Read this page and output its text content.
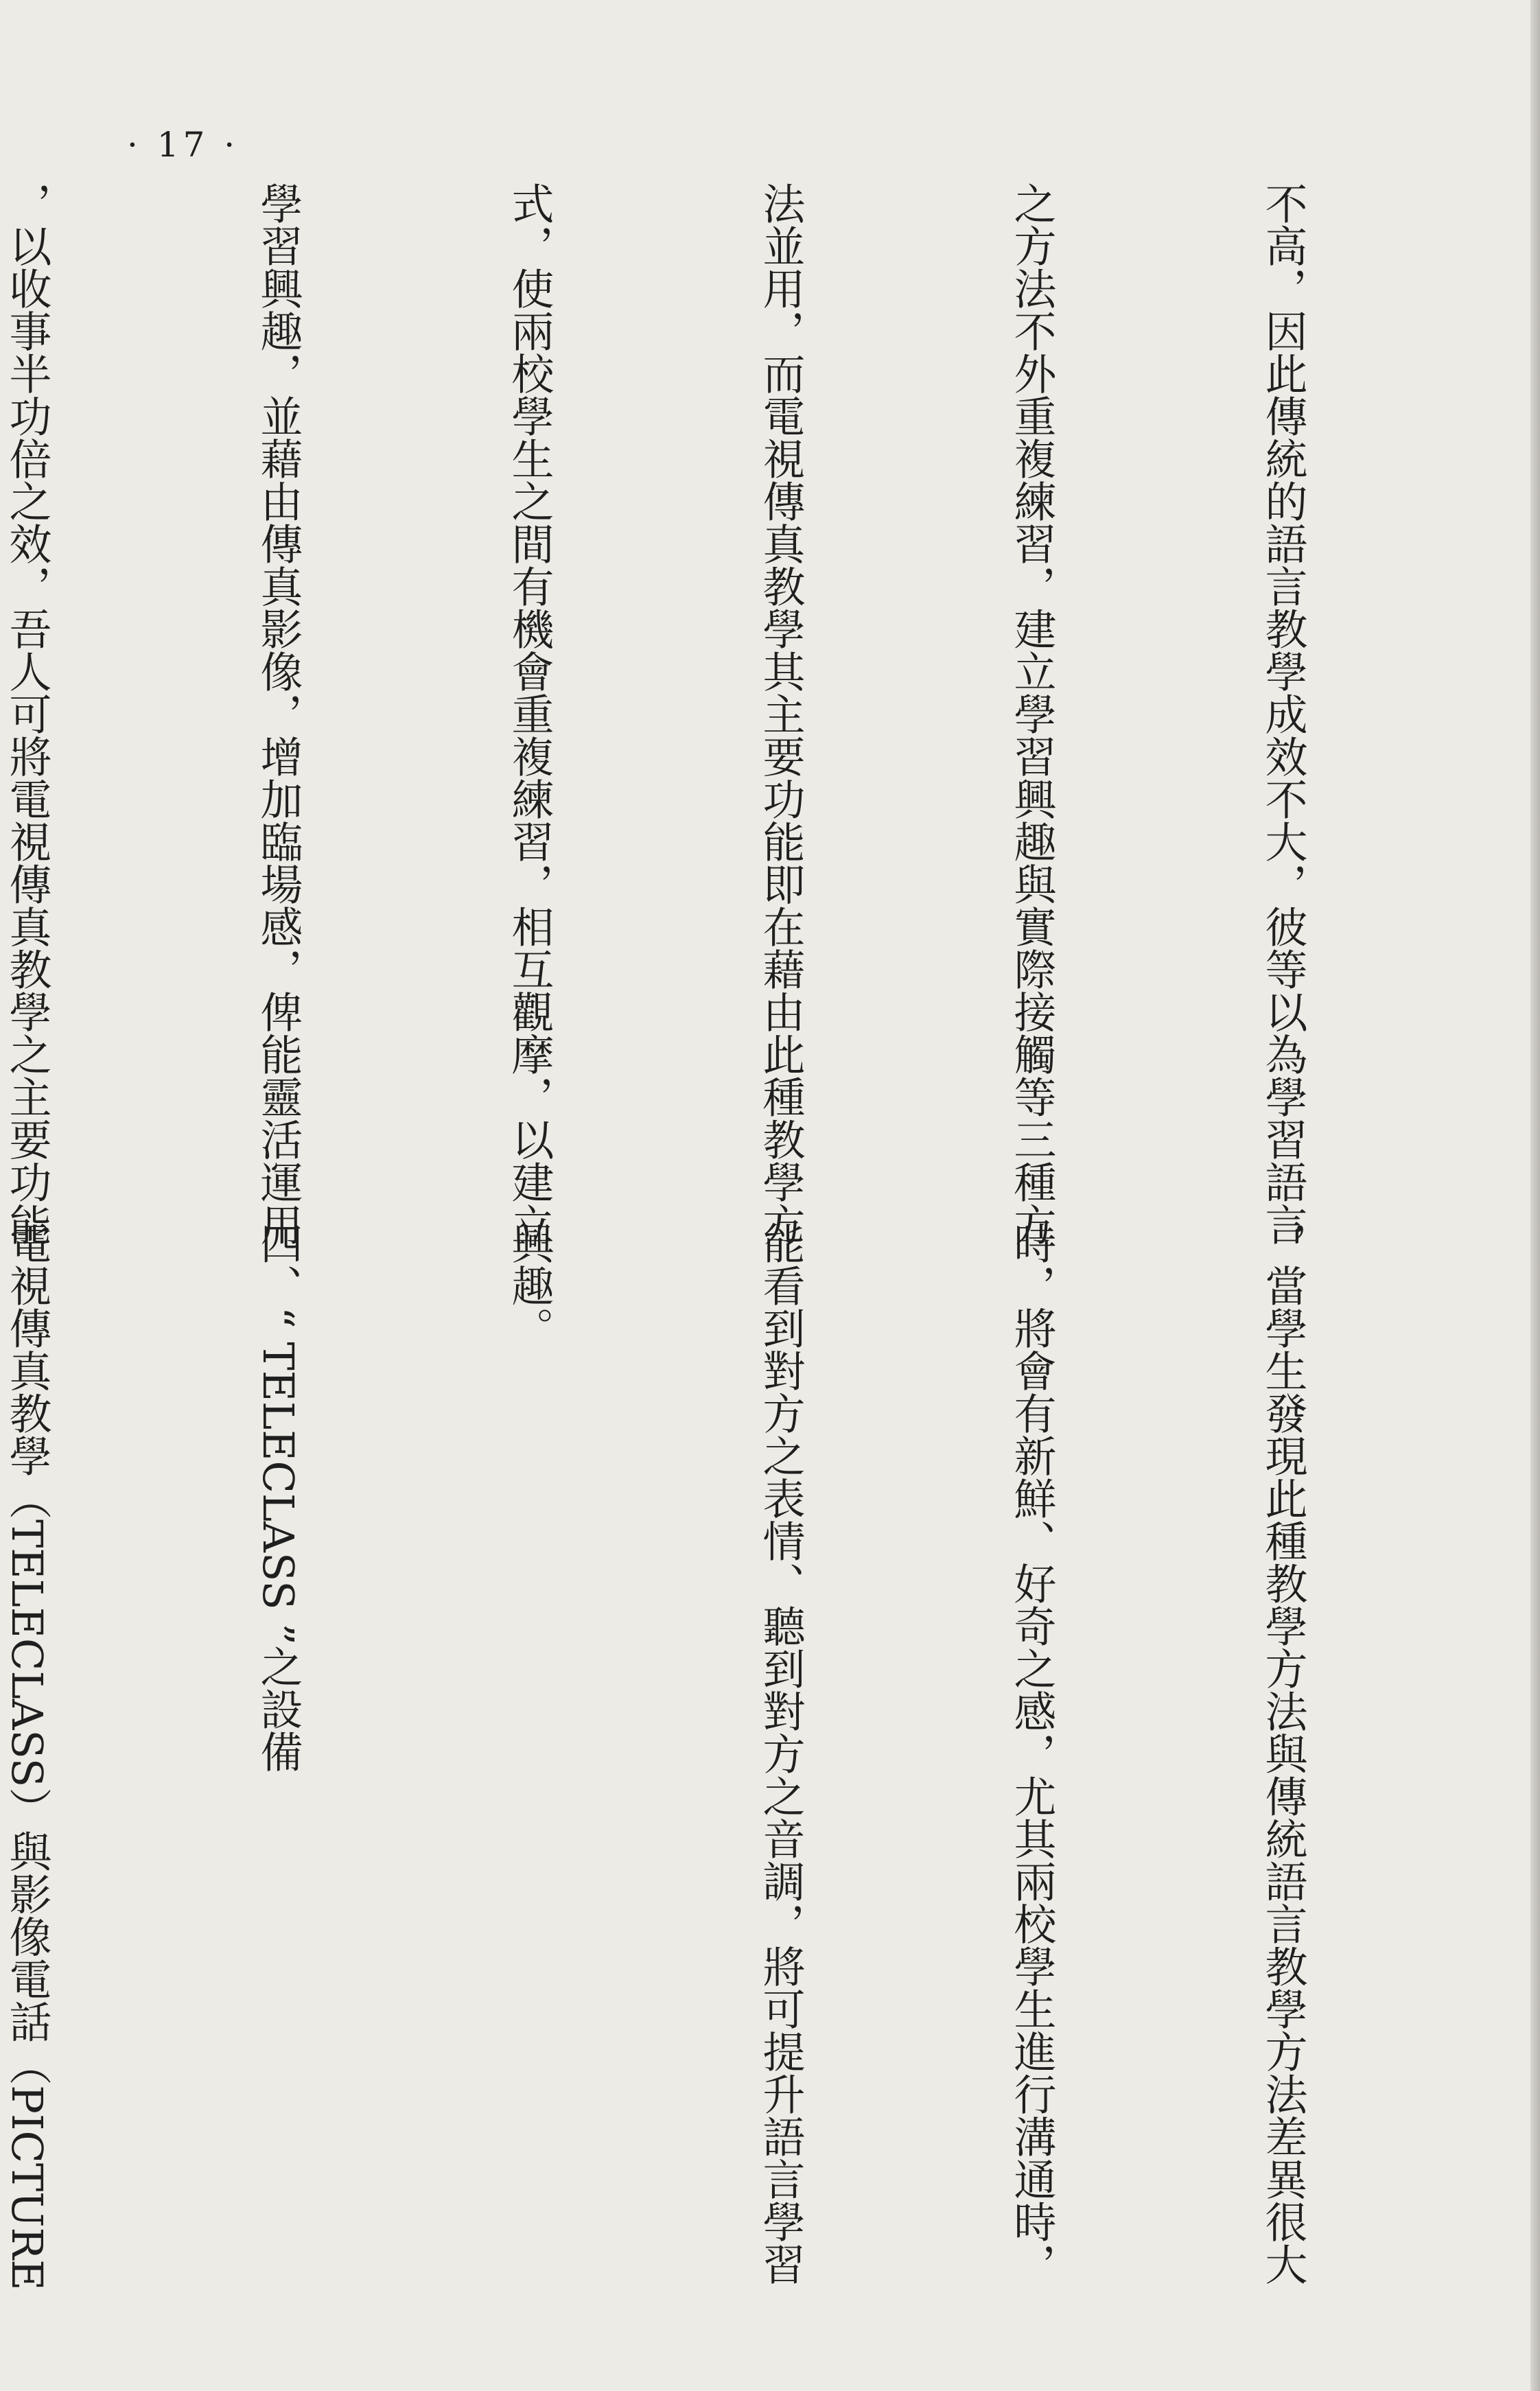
· 17 ·

不高，因此傳統的語言教學成效不大，彼等以為學習語言

之方法不外重複練習，建立學習興趣與實際接觸等三種方

法並用，而電視傳真教學其主要功能即在藉由此種教學方

式，使兩校學生之間有機會重複練習，相互觀摩，以建立

學習興趣，並藉由傳真影像，增加臨場感，俾能靈活運用

，以收事半功倍之效，吾人可將電視傳真教學之主要功能

，當學生發現此種教學方法與傳統語言教學方法差異很大

時，將會有新鮮、好奇之感，尤其兩校學生進行溝通時，

能看到對方之表情、聽到對方之音調，將可提升語言學習

興趣。

四、“ TELECLASS ”之設備

電視傳真教學（TELECLASS）與影像電話（PICTURE
